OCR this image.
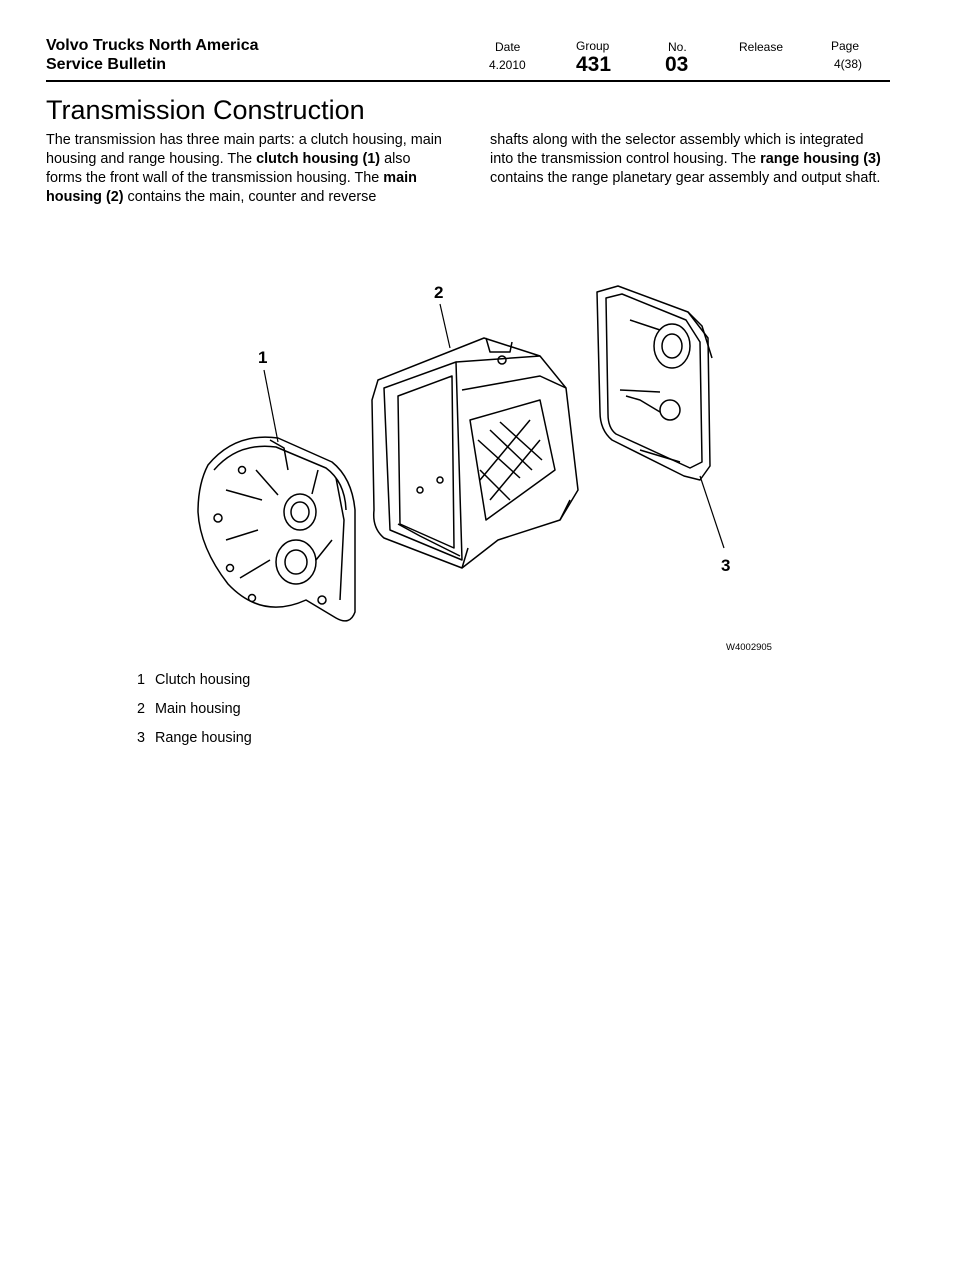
Volvo Trucks North America
Service Bulletin
Date
4.2010
Group
431
No.
03
Release	Page
4(38)
Transmission Construction
The transmission has three main parts: a clutch housing, main housing and range housing. The clutch housing (1) also forms the front wall of the transmission housing. The main housing (2) contains the main, counter and reverse
shafts along with the selector assembly which is integrated into the transmission control housing. The range housing (3) contains the range planetary gear assembly and output shaft.
1
2
3
W4002905
1 Clutch housing
2 Main housing
3 Range housing
